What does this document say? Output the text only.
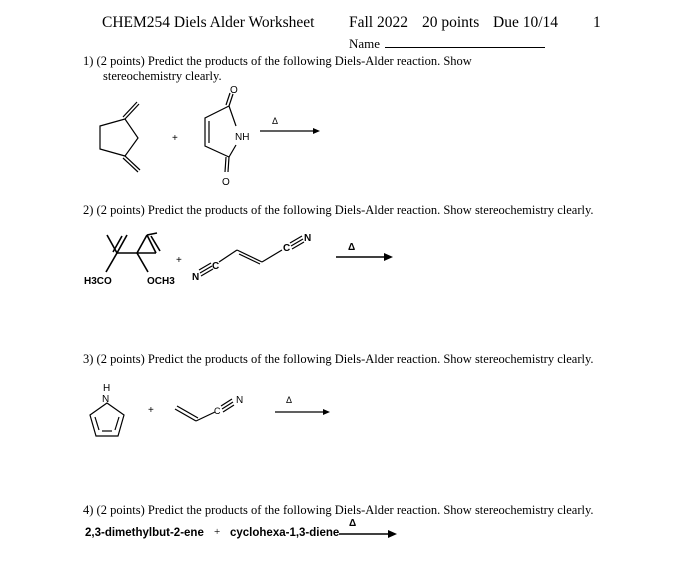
CHEM254 Diels Alder Worksheet Fall 2022 20 points Due 10/14 1
Name
1) (2 points) Predict the products of the following Diels-Alder reaction. Show
stereochemistry clearly.
2) (2 points) Predict the products of the following Diels-Alder reaction. Show stereochemistry clearly.
3) (2 points) Predict the products of the following Diels-Alder reaction. Show stereochemistry clearly.
4) (2 points) Predict the products of the following Diels-Alder reaction. Show stereochemistry clearly.
+
O
NH
O
Δ
H3CO	OCH3
+
N
C
C
N
Δ
H
N
+	C
N	Δ
Δ
2,3-dimethylbut-2-ene + cyclohexa-1,3-diene
